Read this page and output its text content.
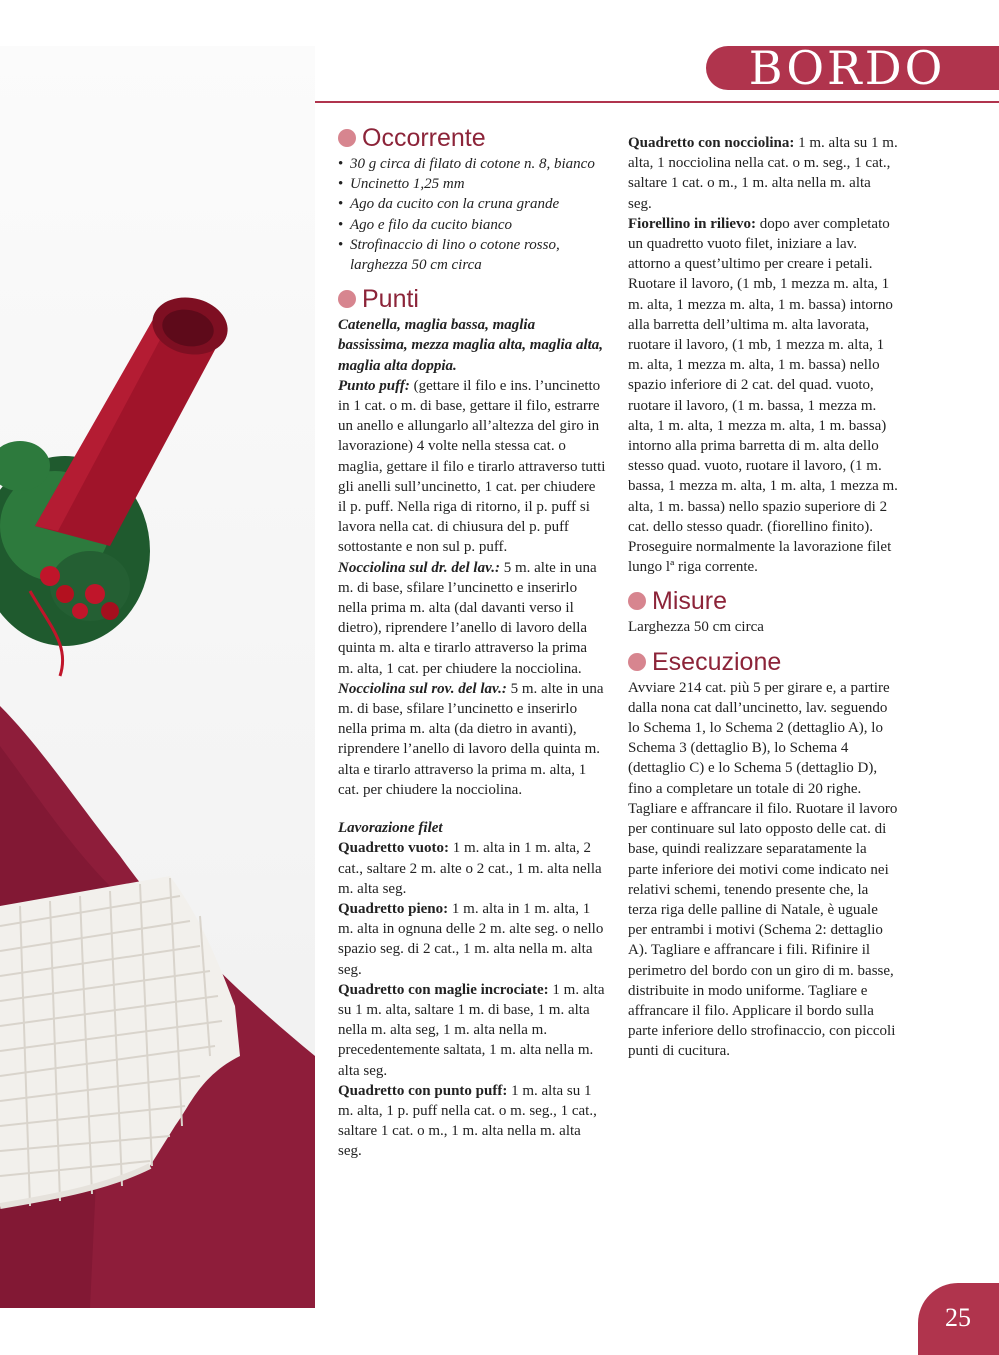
BORDO
Occorrente
• 30 g circa di filato di cotone n. 8, bianco
• Uncinetto 1,25 mm
• Ago da cucito con la cruna grande
• Ago e filo da cucito bianco
• Strofinaccio di lino o cotone rosso, larghezza 50 cm circa
Punti

Catenella, maglia bassa, maglia bassissima, mezza maglia alta, maglia alta, maglia alta doppia.

Punto puff: (gettare il filo e ins. l’uncinetto in 1 cat. o m. di base, gettare il filo, estrarre un anello e allungarlo all’altezza del giro in lavorazione) 4 volte nella stessa cat. o maglia, gettare il filo e tirarlo attraverso tutti gli anelli sull’uncinetto, 1 cat. per chiudere il p. puff. Nella riga di ritorno, il p. puff si lavora nella cat. di chiusura del p. puff sottostante e non sul p. puff.

Nocciolina sul dr. del lav.: 5 m. alte in una m. di base, sfilare l’uncinetto e inserirlo nella prima m. alta (dal davanti verso il dietro), riprendere l’anello di lavoro della quinta m. alta e tirarlo attraverso la prima m. alta, 1 cat. per chiudere la nocciolina.

Nocciolina sul rov. del lav.: 5 m. alte in una m. di base, sfilare l’uncinetto e inserirlo nella prima m. alta (da dietro in avanti), riprendere l’anello di lavoro della quinta m. alta e tirarlo attraverso la prima m. alta, 1 cat. per chiudere la nocciolina.

Lavorazione filet

Quadretto vuoto: 1 m. alta in 1 m. alta, 2 cat., saltare 2 m. alte o 2 cat., 1 m. alta nella m. alta seg.

Quadretto pieno: 1 m. alta in 1 m. alta, 1 m. alta in ognuna delle 2 m. alte seg. o nello spazio seg. di 2 cat., 1 m. alta nella m. alta seg.

Quadretto con maglie incrociate: 1 m. alta su 1 m. alta, saltare 1 m. di base, 1 m. alta nella m. alta seg, 1 m. alta nella m. precedentemente saltata, 1 m. alta nella m. alta seg.

Quadretto con punto puff: 1 m. alta su 1 m. alta, 1 p. puff nella cat. o m. seg., 1 cat., saltare 1 cat. o m., 1 m. alta nella m. alta seg.

Quadretto con nocciolina: 1 m. alta su 1 m. alta, 1 nocciolina nella cat. o m. seg., 1 cat., saltare 1 cat. o m., 1 m. alta nella m. alta seg.

Fiorellino in rilievo: dopo aver completato un quadretto vuoto filet, iniziare a lav. attorno a quest’ultimo per creare i petali.

Ruotare il lavoro, (1 mb, 1 mezza m. alta, 1 m. alta, 1 mezza m. alta, 1 m. bassa) intorno alla barretta dell’ultima m. alta lavorata, ruotare il lavoro, (1 mb, 1 mezza m. alta, 1 m. alta, 1 mezza m. alta, 1 m. bassa) nello spazio inferiore di 2 cat. del quad. vuoto, ruotare il lavoro, (1 m. bassa, 1 mezza m. alta, 1 m. alta, 1 mezza m. alta, 1 m. bassa) intorno alla prima barretta di m. alta dello stesso quad. vuoto, ruotare il lavoro, (1 m. bassa, 1 mezza m. alta, 1 m. alta, 1 mezza m. alta, 1 m. bassa) nello spazio superiore di 2 cat. dello stesso quadr. (fiorellino finito). Proseguire normalmente la lavorazione filet lungo lª riga corrente.

Misure

Larghezza 50 cm circa

Esecuzione

Avviare 214 cat. più 5 per girare e, a partire dalla nona cat dall’uncinetto, lav. seguendo lo Schema 1, lo Schema 2 (dettaglio A), lo Schema 3 (dettaglio B), lo Schema 4 (dettaglio C) e lo Schema 5 (dettaglio D), fino a completare un totale di 20 righe. Tagliare e affrancare il filo. Ruotare il lavoro per continuare sul lato opposto delle cat. di base, quindi realizzare separatamente la parte inferiore dei motivi come indicato nei relativi schemi, tenendo presente che, la terza riga delle palline di Natale, è uguale per entrambi i motivi (Schema 2: dettaglio A). Tagliare e affrancare i fili. Rifinire il perimetro del bordo con un giro di m. basse, distribuite in modo uniforme. Tagliare e affrancare il filo. Applicare il bordo sulla parte inferiore dello strofinaccio, con piccoli punti di cucitura.

25
